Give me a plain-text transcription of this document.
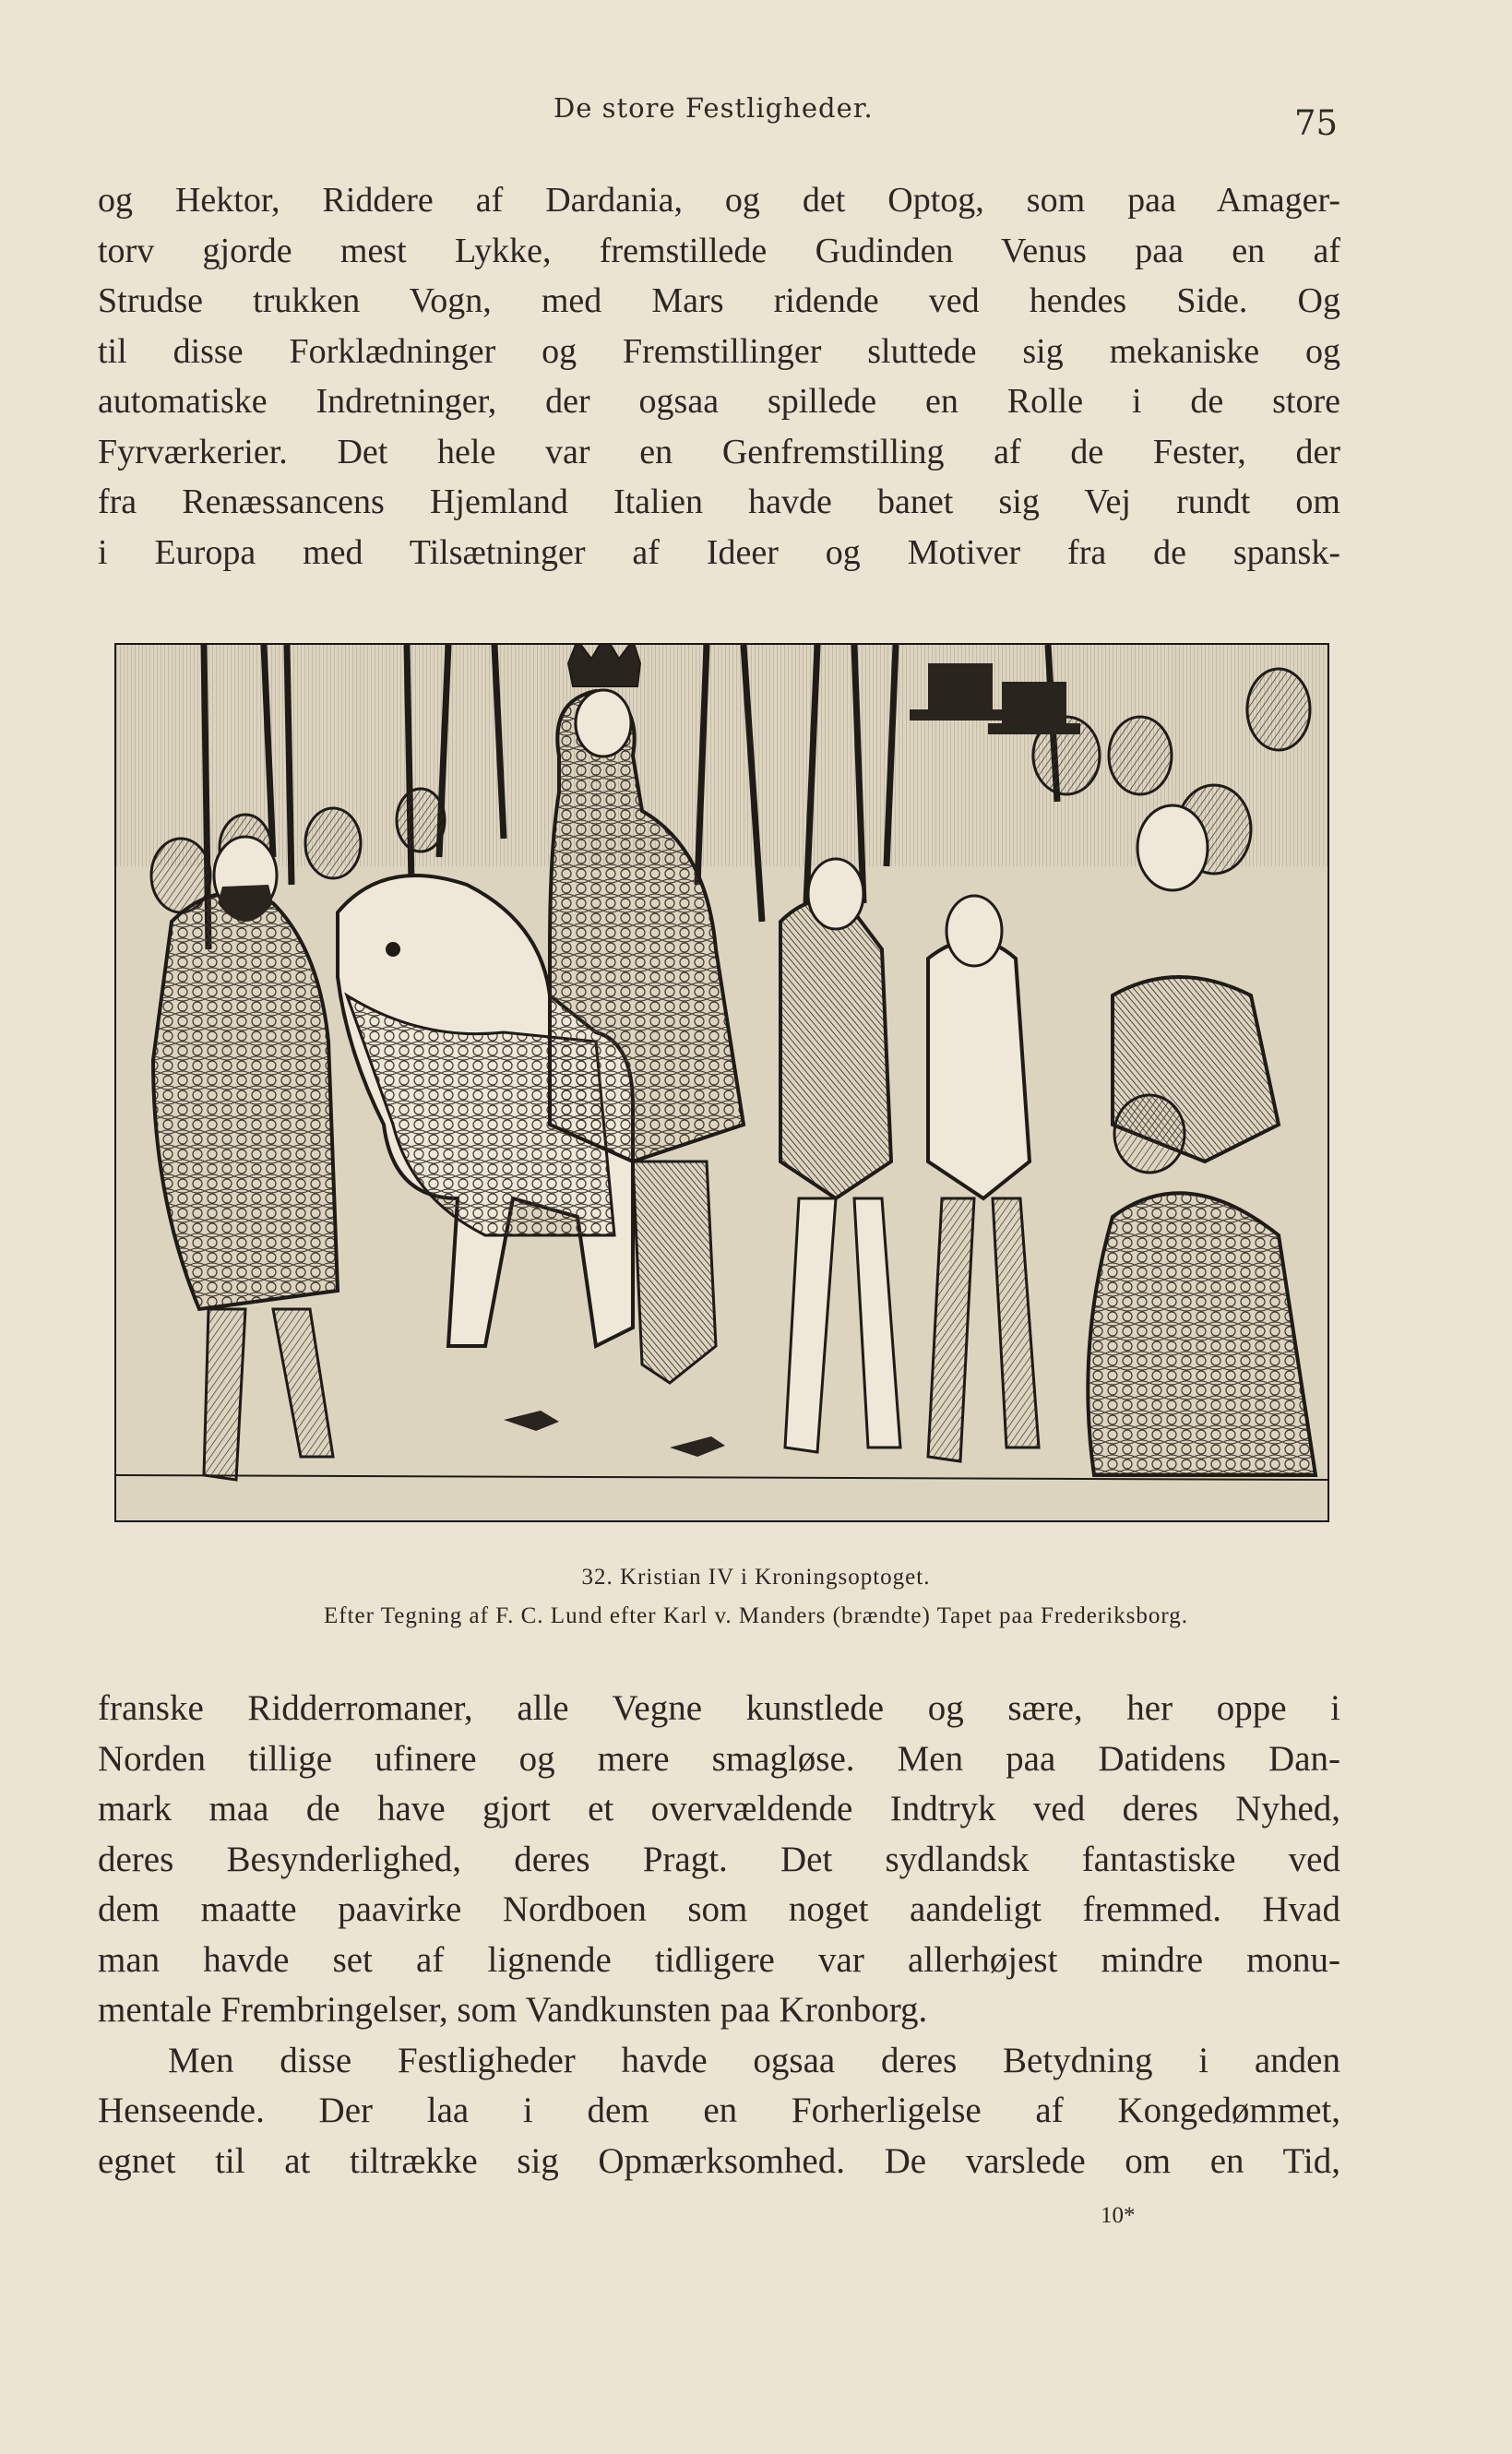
De store Festligheder.	75
og Hektor, Riddere af Dardania, og det Optog, som paa Amager-
torv gjorde mest Lykke, fremstillede Gudinden Venus paa en af
Strudse trukken Vogn, med Mars ridende ved hendes Side. Og
til disse Forklædninger og Fremstillinger sluttede sig mekaniske og
automatiske Indretninger, der ogsaa spillede en Rolle i de store
Fyrværkerier. Det hele var en Genfremstilling af de Fester, der
fra Renæssancens Hjemland Italien havde banet sig Vej rundt om
i Europa med Tilsætninger af Ideer og Motiver fra de spansk-
32. Kristian IV i Kroningsoptoget.
Efter Tegning af F. C. Lund efter Karl v. Manders (brændte) Tapet paa Frederiksborg.
franske Ridderromaner, alle Vegne kunstlede og sære, her oppe i
Norden tillige ufinere og mere smagløse. Men paa Datidens Dan-
mark maa de have gjort et overvældende Indtryk ved deres Nyhed,
deres Besynderlighed, deres Pragt. Det sydlandsk fantastiske ved
dem maatte paavirke Nordboen som noget aandeligt fremmed. Hvad
man havde set af lignende tidligere var allerhøjest mindre monu-
mentale Frembringelser, som Vandkunsten paa Kronborg.
Men disse Festligheder havde ogsaa deres Betydning i anden
Henseende. Der laa i dem en Forherligelse af Kongedømmet,
egnet til at tiltrække sig Opmærksomhed. De varslede om en Tid,
10*
